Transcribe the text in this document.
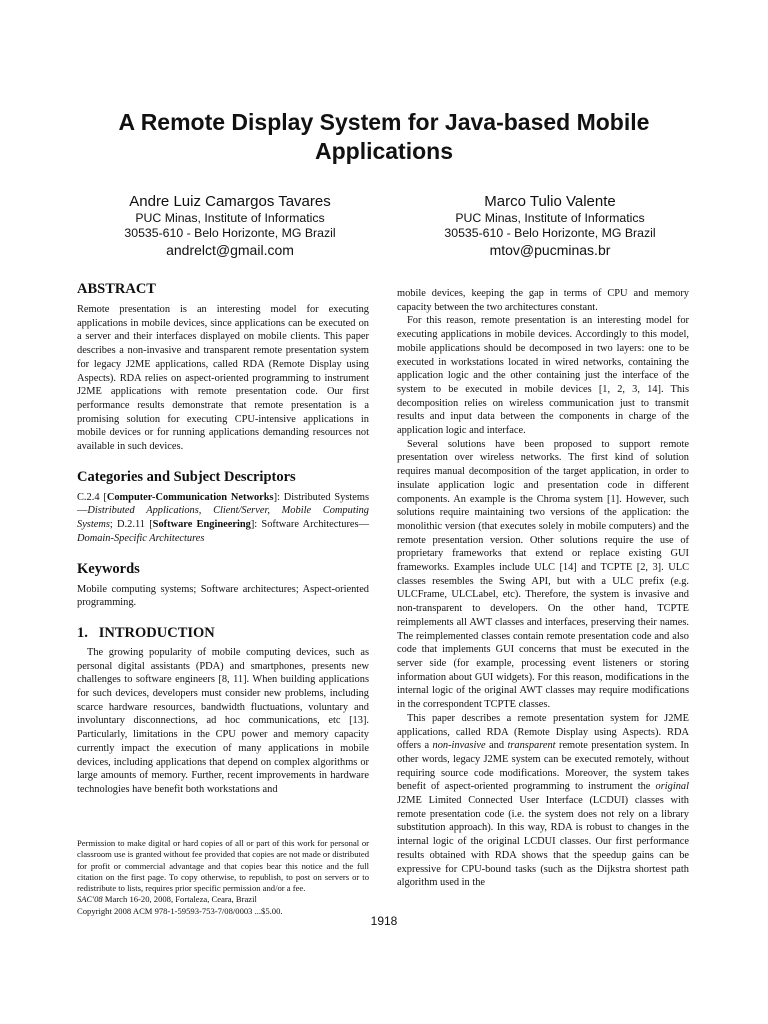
A Remote Display System for Java-based Mobile Applications
Andre Luiz Camargos Tavares
PUC Minas, Institute of Informatics
30535-610 - Belo Horizonte, MG Brazil
andrelct@gmail.com
Marco Tulio Valente
PUC Minas, Institute of Informatics
30535-610 - Belo Horizonte, MG Brazil
mtov@pucminas.br
ABSTRACT

Remote presentation is an interesting model for executing applications in mobile devices, since applications can be executed on a server and their interfaces displayed on mobile clients. This paper describes a non-invasive and transparent remote presentation system for legacy J2ME applications, called RDA (Remote Display using Aspects). RDA relies on aspect-oriented programming to instrument J2ME applications with remote presentation code. Our first performance results demonstrate that remote presentation is a promising solution for executing CPU-intensive applications in mobile devices or for running applications demanding resources not available in such devices.

Categories and Subject Descriptors

C.2.4 [Computer-Communication Networks]: Distributed Systems—Distributed Applications, Client/Server, Mobile Computing Systems; D.2.11 [Software Engineering]: Software Architectures—Domain-Specific Architectures

Keywords

Mobile computing systems; Software architectures; Aspect-oriented programming.

1.   INTRODUCTION

The growing popularity of mobile computing devices, such as personal digital assistants (PDA) and smartphones, presents new challenges to software engineers [8, 11]. When building applications for such devices, developers must consider new problems, including scarce hardware resources, bandwidth fluctuations, voluntary and involuntary disconnections, ad hoc communications, etc [13]. Particularly, limitations in the CPU power and memory capacity currently impact the execution of many applications in mobile devices, including applications that depend on complex algorithms or large amounts of memory. Further, recent improvements in hardware technologies have benefit both workstations and

mobile devices, keeping the gap in terms of CPU and memory capacity between the two architectures constant.

For this reason, remote presentation is an interesting model for executing applications in mobile devices. Accordingly to this model, mobile applications should be decomposed in two layers: one to be executed in workstations located in wired networks, containing the application logic and the other containing just the interface of the system to be executed in mobile devices [1, 2, 3, 14]. This decomposition relies on wireless communication just to transmit results and input data between the components in charge of the application logic and interface.

Several solutions have been proposed to support remote presentation over wireless networks. The first kind of solution requires manual decomposition of the target application, in order to insulate application logic and presentation code in different components. An example is the Chroma system [1]. However, such solutions require maintaining two versions of the application: the monolithic version (that executes solely in mobile computers) and the remote presentation version. Other solutions require the use of proprietary frameworks that extend or replace existing GUI frameworks. Examples include ULC [14] and TCPTE [2, 3]. ULC classes resembles the Swing API, but with a ULC prefix (e.g. ULCFrame, ULCLabel, etc). Therefore, the system is invasive and non-transparent to developers. On the other hand, TCPTE reimplements all AWT classes and interfaces, preserving their names. The reimplemented classes contain remote presentation code and also code that implements GUI concerns that must be executed in the server side (for example, processing event listeners or storing information about GUI widgets). For this reason, modifications in the internal logic of the original AWT classes may require modifications in the correspondent TCPTE classes.

This paper describes a remote presentation system for J2ME applications, called RDA (Remote Display using Aspects). RDA offers a non-invasive and transparent remote presentation system. In other words, legacy J2ME system can be executed remotely, without requiring source code modifications. Moreover, the system takes benefit of aspect-oriented programming to instrument the original J2ME Limited Connected User Interface (LCDUI) classes with remote presentation code (i.e. the system does not rely on a library substitution approach). In this way, RDA is robust to changes in the internal logic of the original LCDUI classes. Our first performance results obtained with RDA shows that the speedup gains can be expressive for CPU-bound tasks (such as the Dijkstra shortest path algorithm used in the

Permission to make digital or hard copies of all or part of this work for personal or classroom use is granted without fee provided that copies are not made or distributed for profit or commercial advantage and that copies bear this notice and the full citation on the first page. To copy otherwise, to republish, to post on servers or to redistribute to lists, requires prior specific permission and/or a fee.
SAC'08 March 16-20, 2008, Fortaleza, Ceara, Brazil
Copyright 2008 ACM 978-1-59593-753-7/08/0003 ...$5.00.
1918
